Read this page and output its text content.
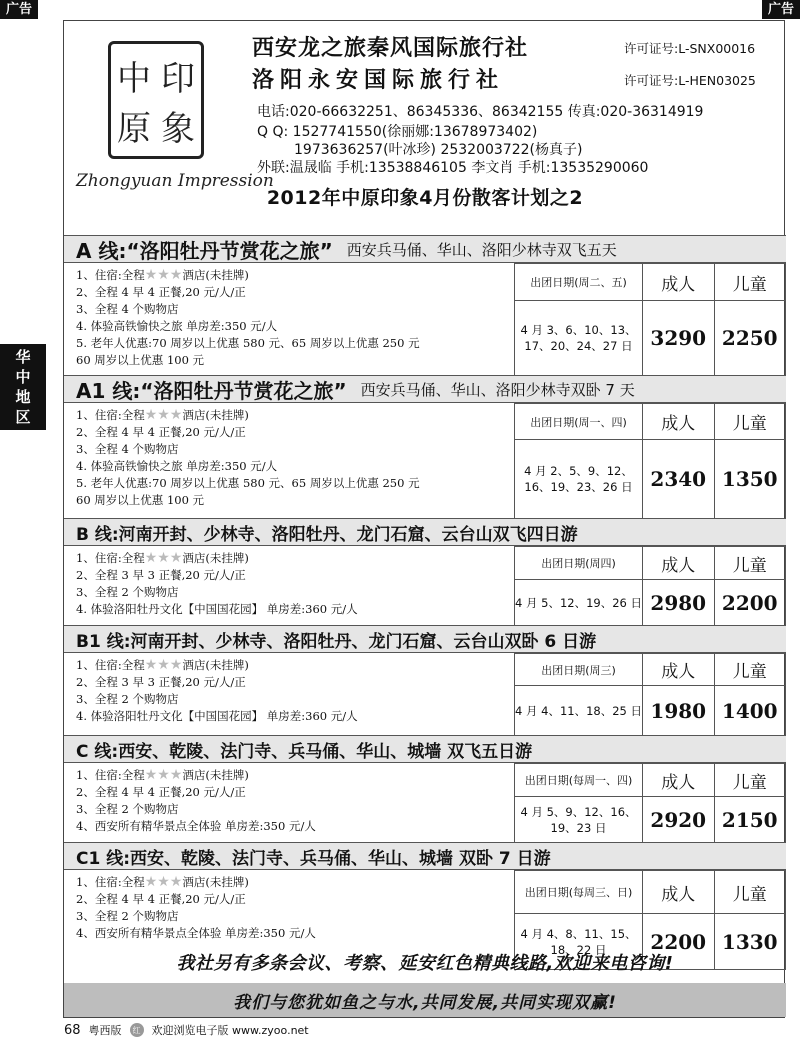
广告	广告
华
中
地
区
中 印
原 象
Zhongyuan Impression
西安龙之旅秦风国际旅行社	许可证号:L-SNX00016
洛阳永安国际旅行社	许可证号:L-HEN03025
电话:020-66632251、86345336、86342155 传真:020-36314919
Q Q: 1527741550(徐丽娜:13678973402)
1973636257(叶冰珍) 2532003722(杨真子)
外联:温晟临 手机:13538846105 李文肖 手机:13535290060
2012年中原印象4月份散客计划之2
A 线:“洛阳牡丹节赏花之旅” 西安兵马俑、华山、洛阳少林寺双飞五天
1、住宿:全程★★★酒店(未挂牌)
2、全程 4 早 4 正餐,20 元/人/正
3、全程 4 个购物店
4. 体验高铁愉快之旅 单房差:350 元/人
5. 老年人优惠:70 周岁以上优惠 580 元、65 周岁以上优惠 250 元
60 周岁以上优惠 100 元
出团日期(周二、五)	成人	儿童
4 月 3、6、10、13、17、20、24、27 日	3290	2250
A1 线:“洛阳牡丹节赏花之旅” 西安兵马俑、华山、洛阳少林寺双卧 7 天
1、住宿:全程★★★酒店(未挂牌)
2、全程 4 早 4 正餐,20 元/人/正
3、全程 4 个购物店
4. 体验高铁愉快之旅 单房差:350 元/人
5. 老年人优惠:70 周岁以上优惠 580 元、65 周岁以上优惠 250 元
60 周岁以上优惠 100 元
出团日期(周一、四)	成人	儿童
4 月 2、5、9、12、16、19、23、26 日	2340	1350
B 线:河南开封、少林寺、洛阳牡丹、龙门石窟、云台山双飞四日游
1、住宿:全程★★★酒店(未挂牌)
2、全程 3 早 3 正餐,20 元/人/正
3、全程 2 个购物店
4. 体验洛阳牡丹文化【中国国花园】 单房差:360 元/人
出团日期(周四)	成人	儿童
4 月 5、12、19、26 日	2980	2200
B1 线:河南开封、少林寺、洛阳牡丹、龙门石窟、云台山双卧 6 日游
1、住宿:全程★★★酒店(未挂牌)
2、全程 3 早 3 正餐,20 元/人/正
3、全程 2 个购物店
4. 体验洛阳牡丹文化【中国国花园】 单房差:360 元/人
出团日期(周三)	成人	儿童
4 月 4、11、18、25 日	1980	1400
C 线:西安、乾陵、法门寺、兵马俑、华山、城墙 双飞五日游
1、住宿:全程★★★酒店(未挂牌)
2、全程 4 早 4 正餐,20 元/人/正
3、全程 2 个购物店
4、西安所有精华景点全体验 单房差:350 元/人
出团日期(每周一、四)	成人	儿童
4 月 5、9、12、16、19、23 日	2920	2150
C1 线:西安、乾陵、法门寺、兵马俑、华山、城墙 双卧 7 日游
1、住宿:全程★★★酒店(未挂牌)
2、全程 4 早 4 正餐,20 元/人/正
3、全程 2 个购物店
4、西安所有精华景点全体验 单房差:350 元/人
出团日期(每周三、日)	成人	儿童
4 月 4、8、11、15、18、22 日	2200	1330
我社另有多条会议、考察、延安红色精典线路,欢迎来电咨询!
我们与您犹如鱼之与水,共同发展,共同实现双赢!
68 粤西版	红 欢迎浏览电子版 www.zyoo.net
